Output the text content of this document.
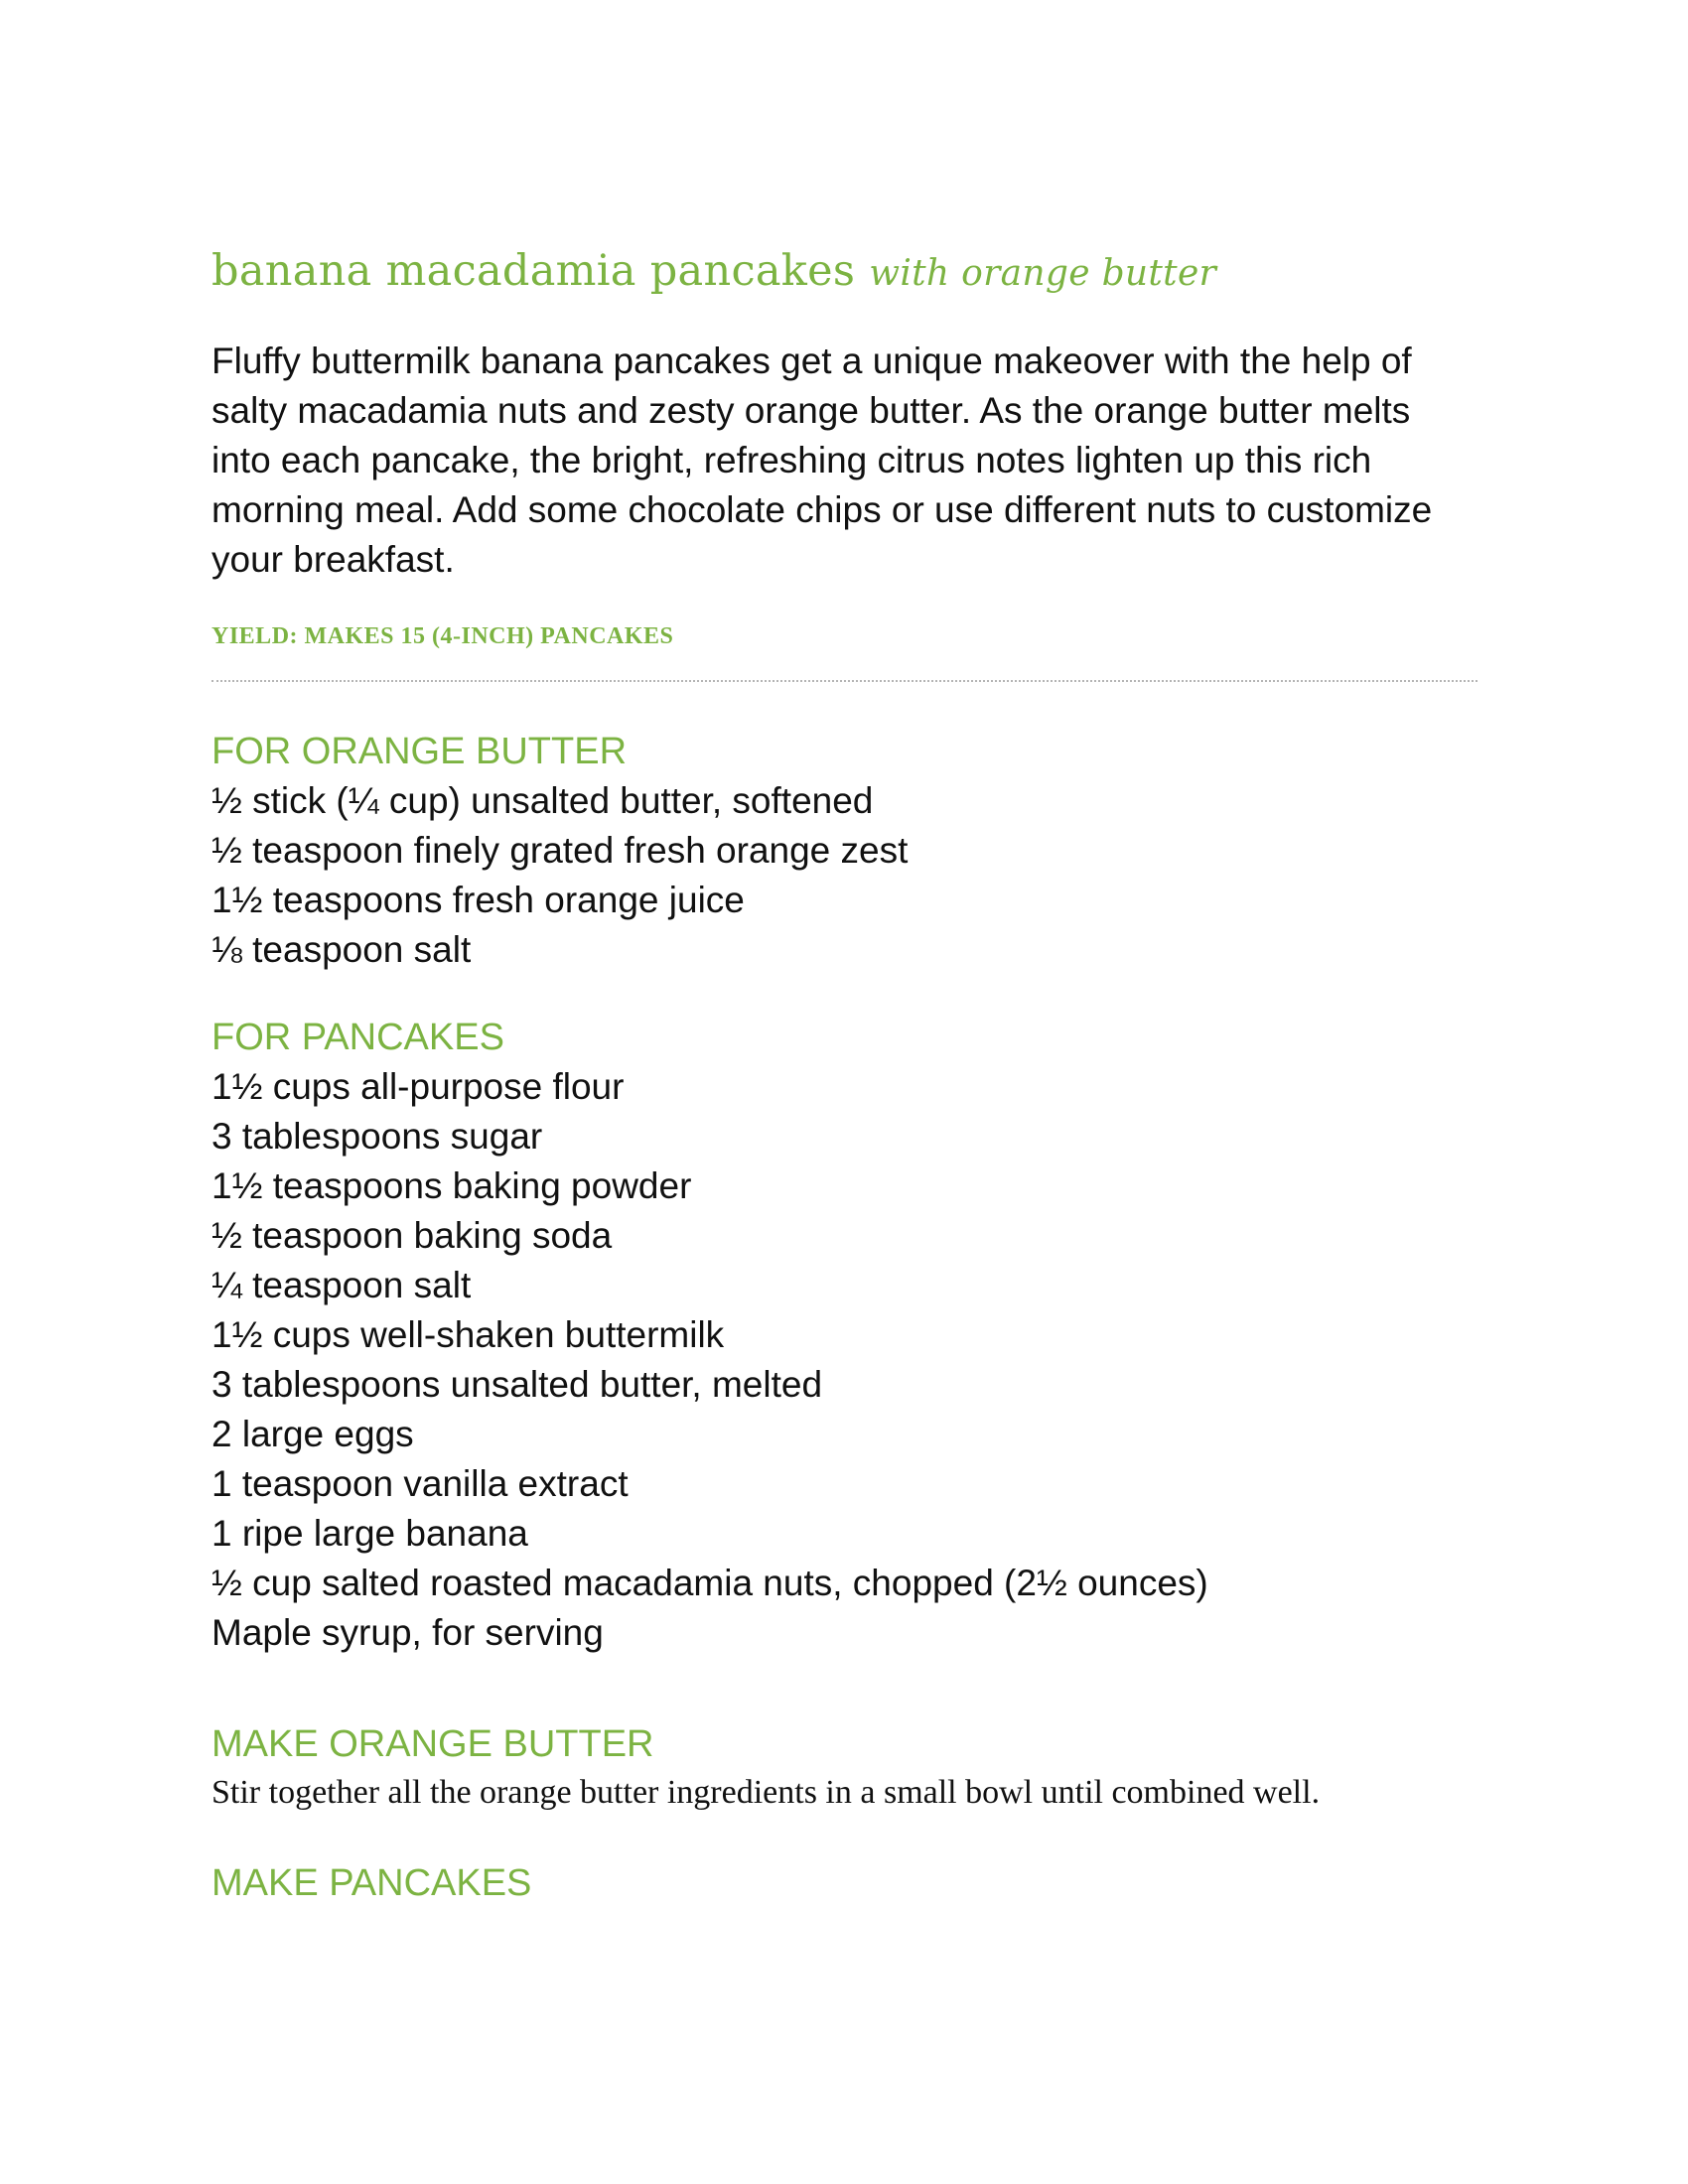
banana macadamia pancakes with orange butter

Fluffy buttermilk banana pancakes get a unique makeover with the help of salty macadamia nuts and zesty orange butter. As the orange butter melts into each pancake, the bright, refreshing citrus notes lighten up this rich morning meal. Add some chocolate chips or use different nuts to customize your breakfast.

YIELD: MAKES 15 (4-INCH) PANCAKES

FOR ORANGE BUTTER
½ stick (¼ cup) unsalted butter, softened
½ teaspoon finely grated fresh orange zest
1½ teaspoons fresh orange juice
⅛ teaspoon salt
FOR PANCAKES
1½ cups all-purpose flour
3 tablespoons sugar
1½ teaspoons baking powder
½ teaspoon baking soda
¼ teaspoon salt
1½ cups well-shaken buttermilk
3 tablespoons unsalted butter, melted
2 large eggs
1 teaspoon vanilla extract
1 ripe large banana
½ cup salted roasted macadamia nuts, chopped (2½ ounces)
Maple syrup, for serving
MAKE ORANGE BUTTER

Stir together all the orange butter ingredients in a small bowl until combined well.

MAKE PANCAKES
